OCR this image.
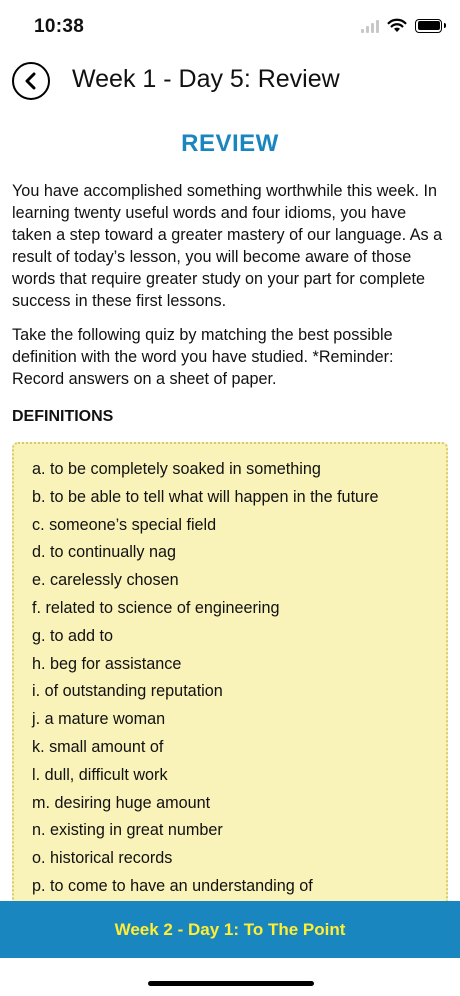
10:38
Week 1 - Day 5: Review
REVIEW

You have accomplished something worthwhile this week. In learning twenty useful words and four idioms, you have taken a step toward a greater mastery of our language. As a result of today’s lesson, you will become aware of those words that require greater study on your part for complete success in these first lessons.

Take the following quiz by matching the best possible definition with the word you have studied. *Reminder: Record answers on a sheet of paper.

DEFINITIONS
a. to be completely soaked in something
b. to be able to tell what will happen in the future
c. someone’s special field
d. to continually nag
e. carelessly chosen
f. related to science of engineering
g. to add to
h. beg for assistance
i. of outstanding reputation
j. a mature woman
k. small amount of
l. dull, difficult work
m. desiring huge amount
n. existing in great number
o. historical records
p. to come to have an understanding of
Week 2 - Day 1: To The Point
